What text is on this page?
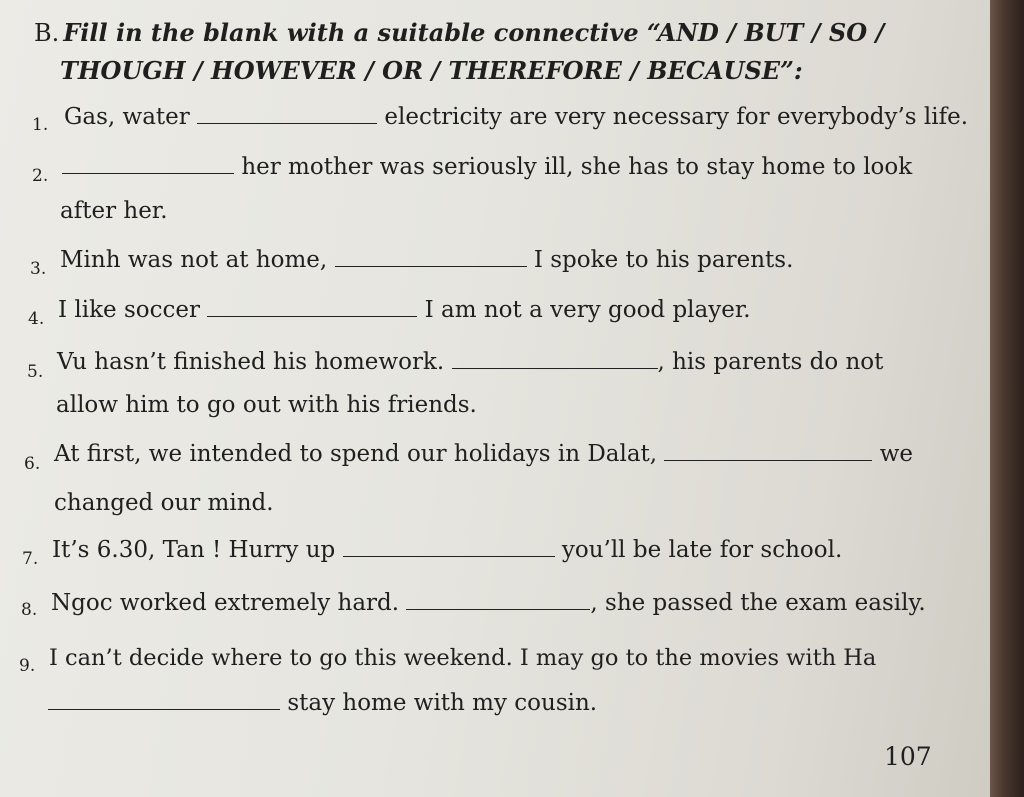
B. Fill in the blank with a suitable connective “AND / BUT / SO /
THOUGH / HOWEVER / OR / THEREFORE / BECAUSE”:
1. Gas, water	electricity are very necessary for everybody’s life.
2.	her mother was seriously ill, she has to stay home to look
after her.
3. Minh was not at home,	I spoke to his parents.
4. I like soccer	I am not a very good player.
5. Vu hasn’t finished his homework.	, his parents do not
allow him to go out with his friends.
6. At first, we intended to spend our holidays in Dalat,	we
changed our mind.
7. It’s 6.30, Tan ! Hurry up	you’ll be late for school.
8. Ngoc worked extremely hard.	, she passed the exam easily.
9. I can’t decide where to go this weekend. I may go to the movies with Ha
stay home with my cousin.
107
